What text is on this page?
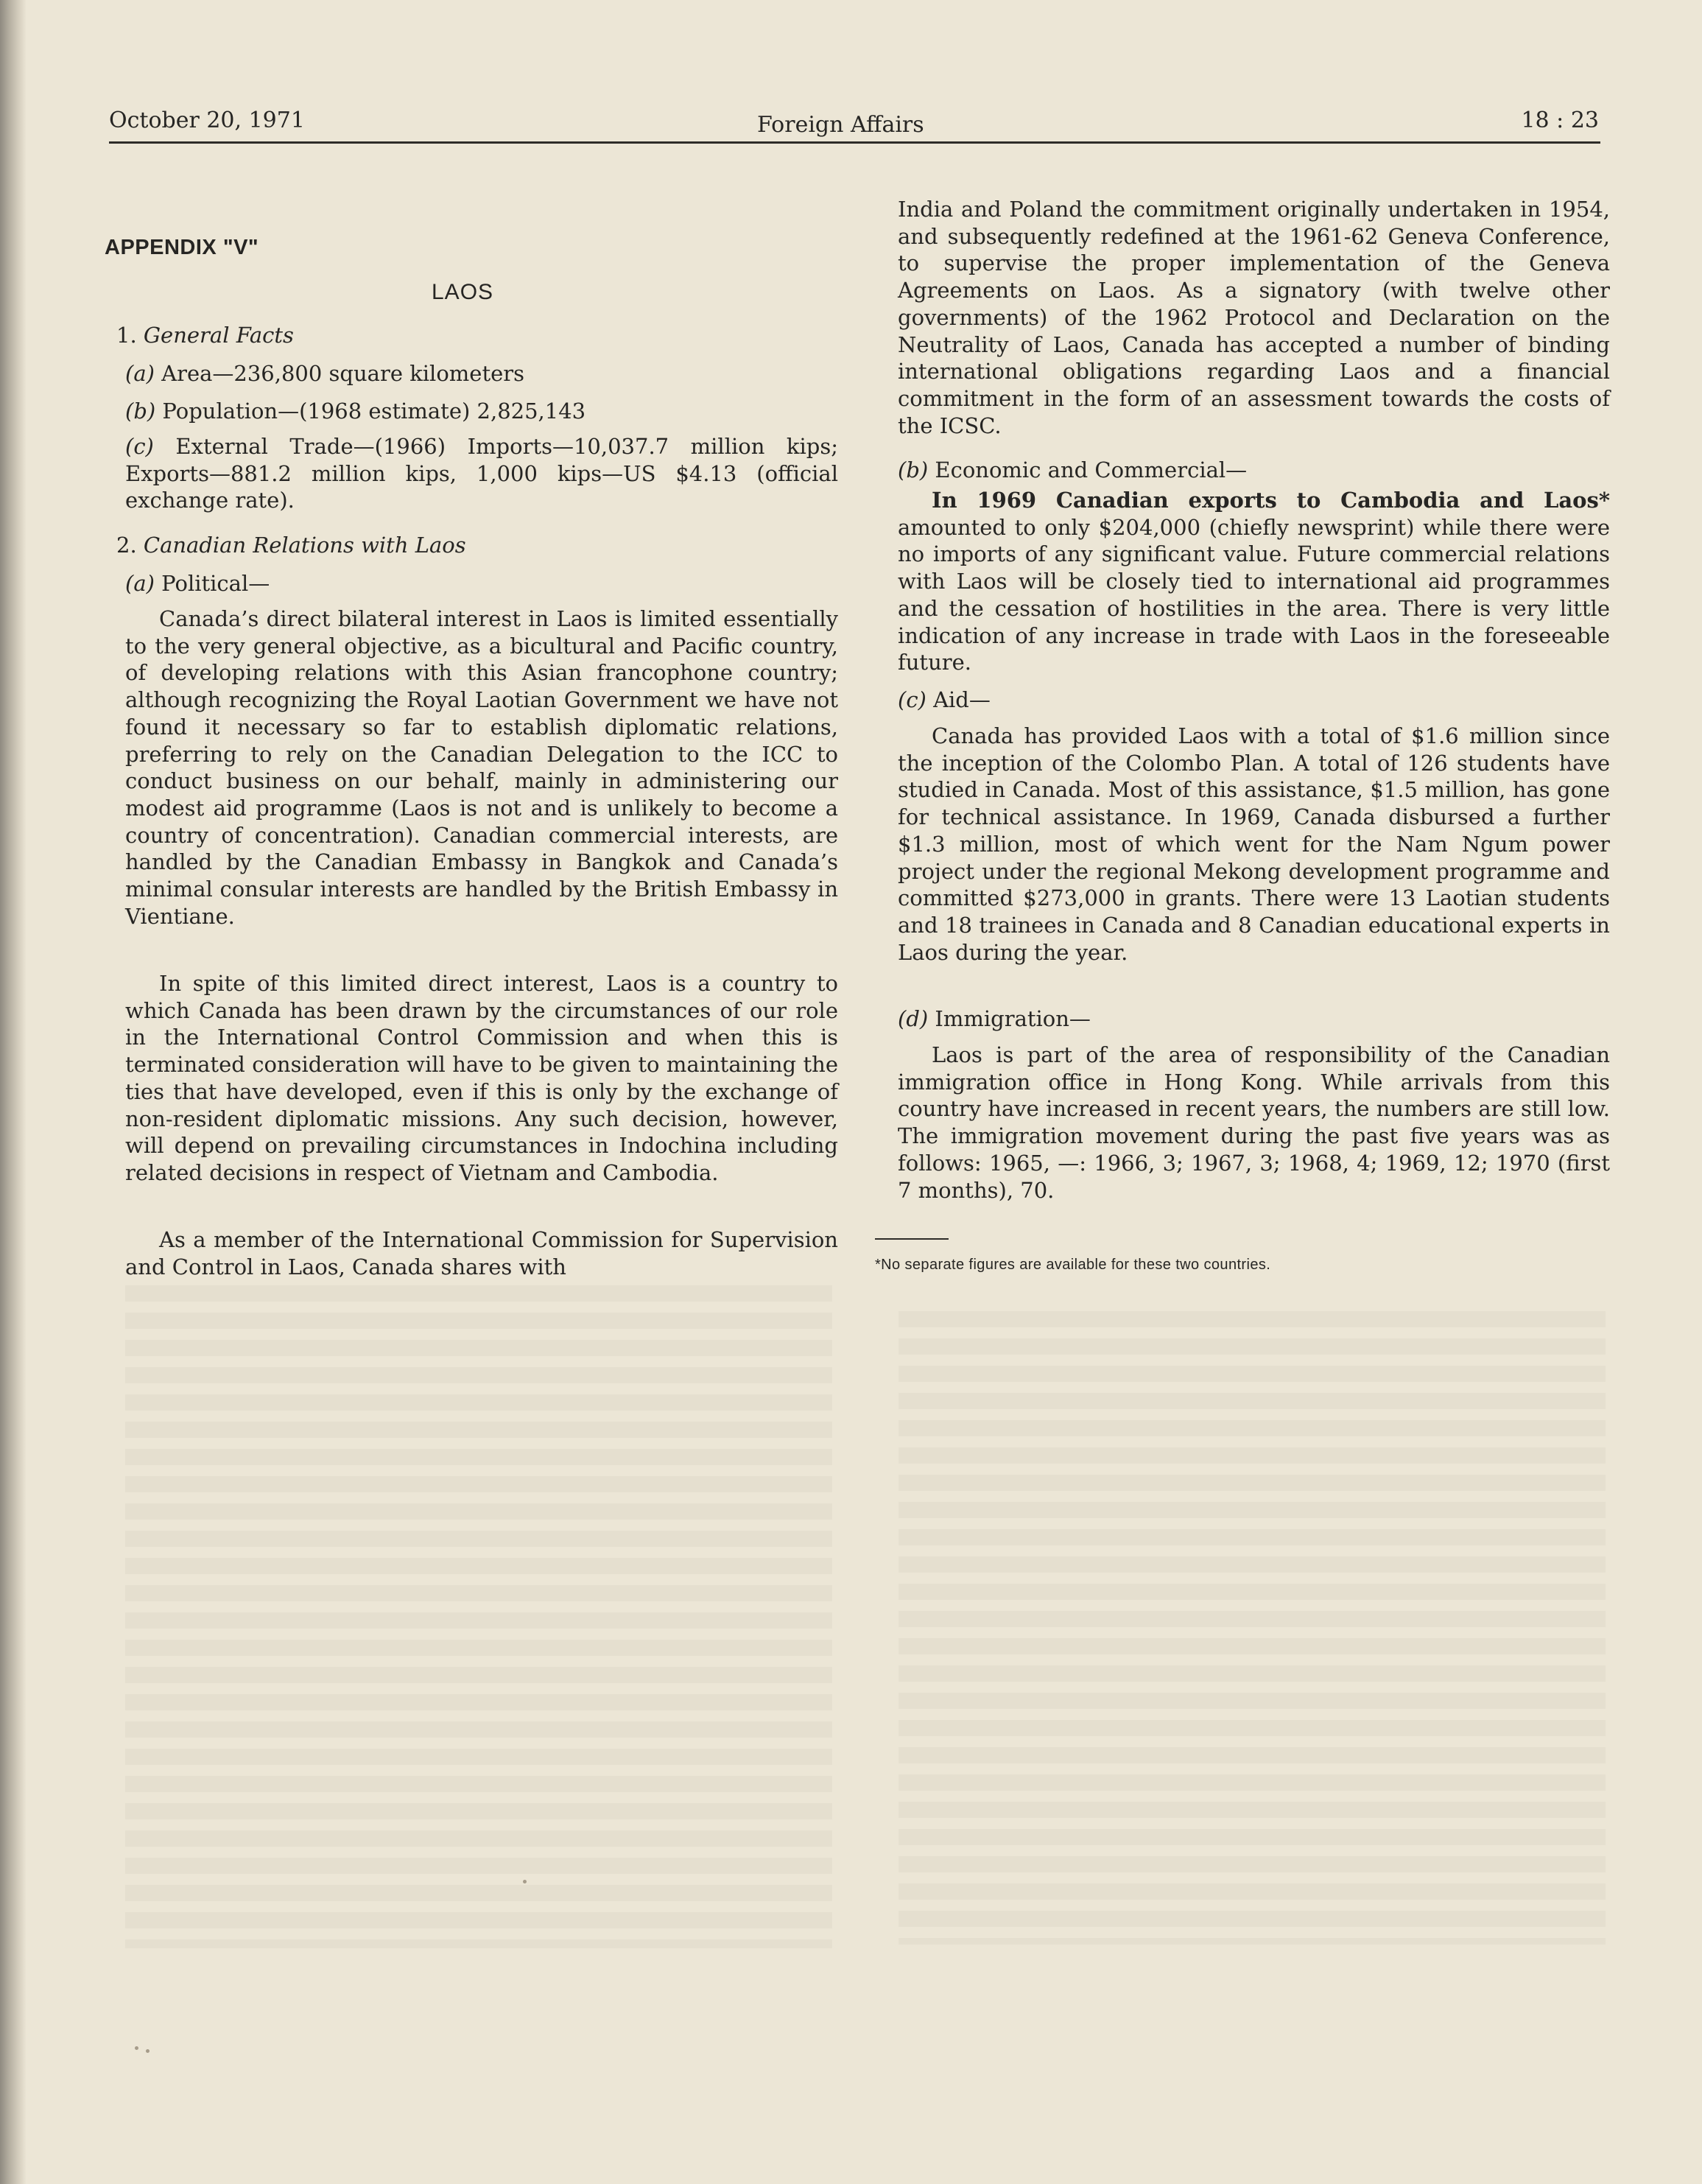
October 20, 1971	Foreign Affairs	18 : 23
APPENDIX "V"
LAOS
1. General Facts
(a) Area—236,800 square kilometers
(b) Population—(1968 estimate) 2,825,143
(c) External Trade—(1966) Imports—10,037.7 million kips; Exports—881.2 million kips, 1,000 kips—US $4.13 (official exchange rate).
2. Canadian Relations with Laos
(a) Political—
Canada’s direct bilateral interest in Laos is limited essentially to the very general objective, as a bicultural and Pacific country, of developing relations with this Asian francophone country; although recognizing the Royal Laotian Government we have not found it necessary so far to establish diplomatic relations, preferring to rely on the Canadian Delegation to the ICC to conduct business on our behalf, mainly in administering our modest aid programme (Laos is not and is unlikely to become a country of concentration). Canadian commercial interests, are handled by the Canadian Embassy in Bangkok and Canada’s minimal consular interests are handled by the British Embassy in Vientiane.
In spite of this limited direct interest, Laos is a country to which Canada has been drawn by the circumstances of our role in the International Control Commission and when this is terminated consideration will have to be given to maintaining the ties that have developed, even if this is only by the exchange of non-resident diplomatic missions. Any such decision, however, will depend on prevailing circumstances in Indochina including related decisions in respect of Vietnam and Cambodia.
As a member of the International Commission for Supervision and Control in Laos, Canada shares with
India and Poland the commitment originally undertaken in 1954, and subsequently redefined at the 1961-62 Geneva Conference, to supervise the proper implementation of the Geneva Agreements on Laos. As a signatory (with twelve other governments) of the 1962 Protocol and Declaration on the Neutrality of Laos, Canada has accepted a number of binding international obligations regarding Laos and a financial commitment in the form of an assessment towards the costs of the ICSC.
(b) Economic and Commercial—
In 1969 Canadian exports to Cambodia and Laos* amounted to only $204,000 (chiefly newsprint) while there were no imports of any significant value. Future commercial relations with Laos will be closely tied to international aid programmes and the cessation of hostilities in the area. There is very little indication of any increase in trade with Laos in the foreseeable future.
(c) Aid—
Canada has provided Laos with a total of $1.6 million since the inception of the Colombo Plan. A total of 126 students have studied in Canada. Most of this assistance, $1.5 million, has gone for technical assistance. In 1969, Canada disbursed a further $1.3 million, most of which went for the Nam Ngum power project under the regional Mekong development programme and committed $273,000 in grants. There were 13 Laotian students and 18 trainees in Canada and 8 Canadian educational experts in Laos during the year.
(d) Immigration—
Laos is part of the area of responsibility of the Canadian immigration office in Hong Kong. While arrivals from this country have increased in recent years, the numbers are still low. The immigration movement during the past five years was as follows: 1965, —: 1966, 3; 1967, 3; 1968, 4; 1969, 12; 1970 (first 7 months), 70.
*No separate figures are available for these two countries.
